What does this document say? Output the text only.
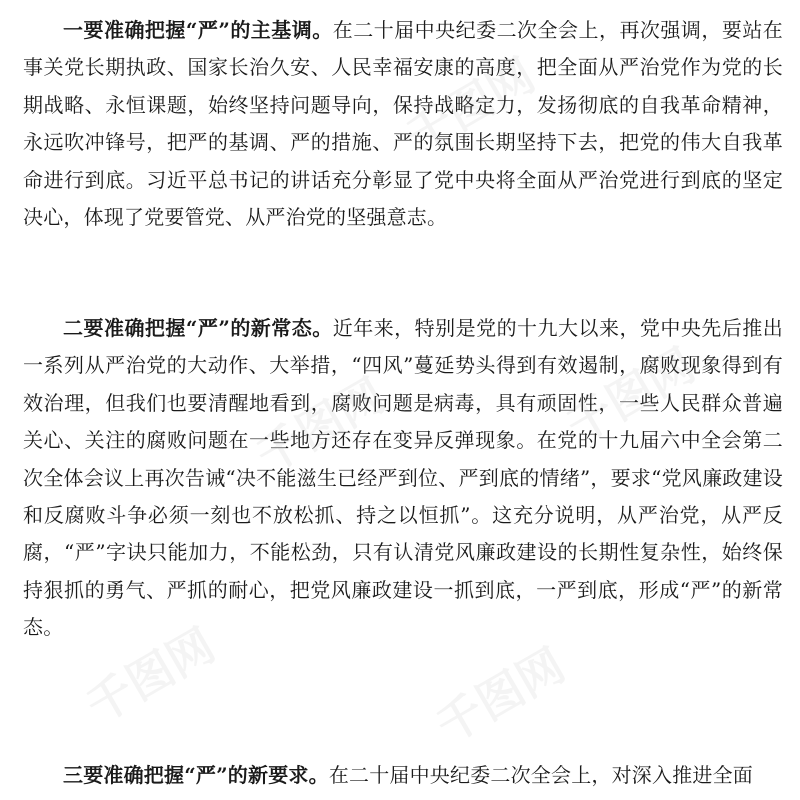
一要准确把握“严”的主基调。在二十届中央纪委二次全会上，再次强调，要站在事关党长期执政、国家长治久安、人民幸福安康的高度，把全面从严治党作为党的长期战略、永恒课题，始终坚持问题导向，保持战略定力，发扬彻底的自我革命精神，永远吹冲锋号，把严的基调、严的措施、严的氛围长期坚持下去，把党的伟大自我革命进行到底。习近平总书记的讲话充分彰显了党中央将全面从严治党进行到底的坚定决心，体现了党要管党、从严治党的坚强意志。

二要准确把握“严”的新常态。近年来，特别是党的十九大以来，党中央先后推出一系列从严治党的大动作、大举措，“四风”蔓延势头得到有效遏制，腐败现象得到有效治理，但我们也要清醒地看到，腐败问题是病毒，具有顽固性，一些人民群众普遍关心、关注的腐败问题在一些地方还存在变异反弹现象。在党的十九届六中全会第二次全体会议上再次告诫“决不能滋生已经严到位、严到底的情绪”，要求“党风廉政建设和反腐败斗争必须一刻也不放松抓、持之以恒抓”。这充分说明，从严治党，从严反腐，“严”字诀只能加力，不能松劲，只有认清党风廉政建设的长期性复杂性，始终保持狠抓的勇气、严抓的耐心，把党风廉政建设一抓到底，一严到底，形成“严”的新常态。

三要准确把握“严”的新要求。在二十届中央纪委二次全会上，对深入推进全面

千图网
千图网	千图网
千图网	千图网
